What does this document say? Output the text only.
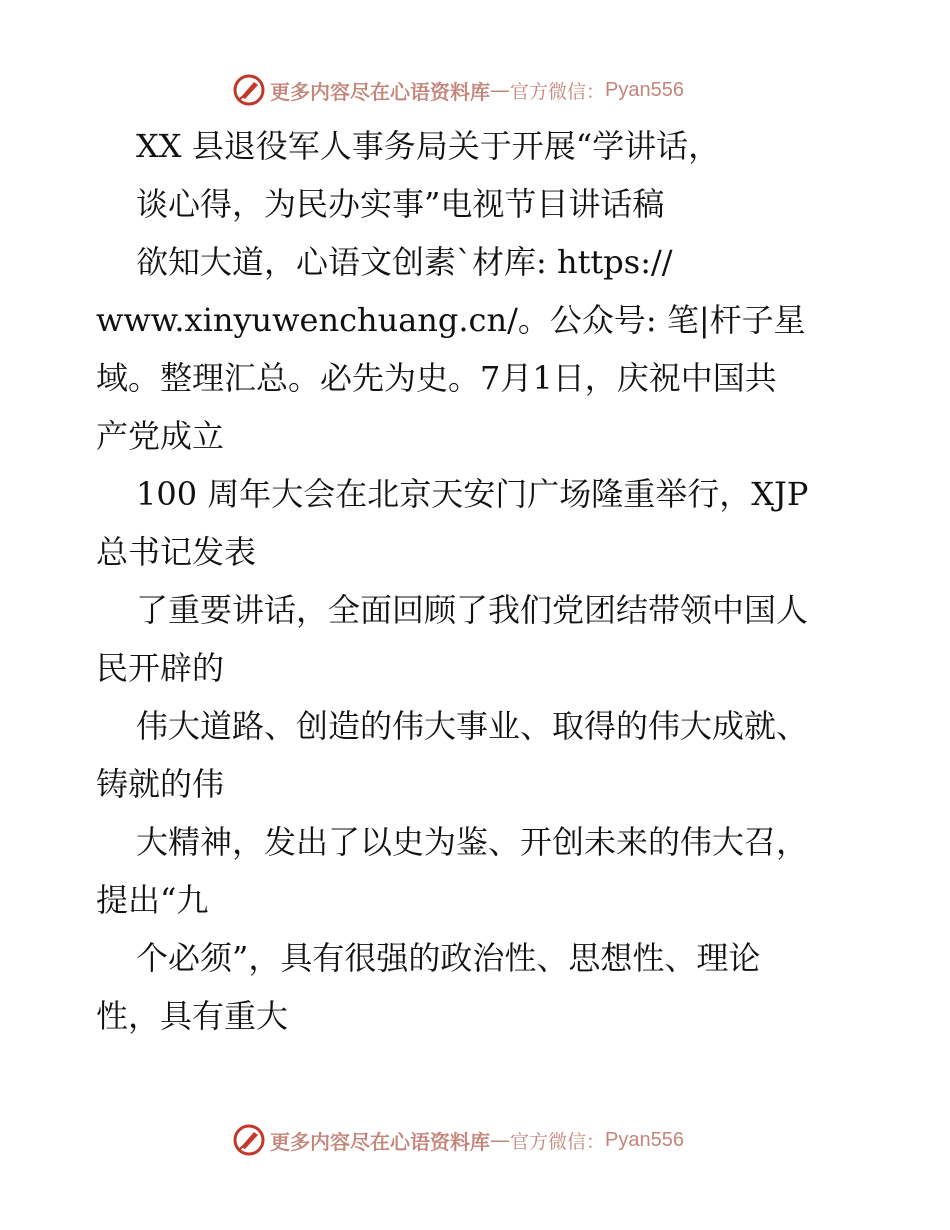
更多内容尽在心语资料库 — 官方微信： Pyan556
XX 县退役军人事务局关于开展“学讲话，
谈心得，为民办实事”电视节目讲话稿
欲知大道，心语文创素`材库: https://
www.xinyuwenchuang.cn/。公众号: 笔|杆子星
域。整理汇总。必先为史。7月1日，庆祝中国共
产党成立
100 周年大会在北京天安门广场隆重举行，XJP
总书记发表
了重要讲话，全面回顾了我们党团结带领中国人
民开辟的
伟大道路、创造的伟大事业、取得的伟大成就、
铸就的伟
大精神，发出了以史为鉴、开创未来的伟大召，
提出“九
个必须”，具有很强的政治性、思想性、理论
性，具有重大
更多内容尽在心语资料库 — 官方微信： Pyan556
